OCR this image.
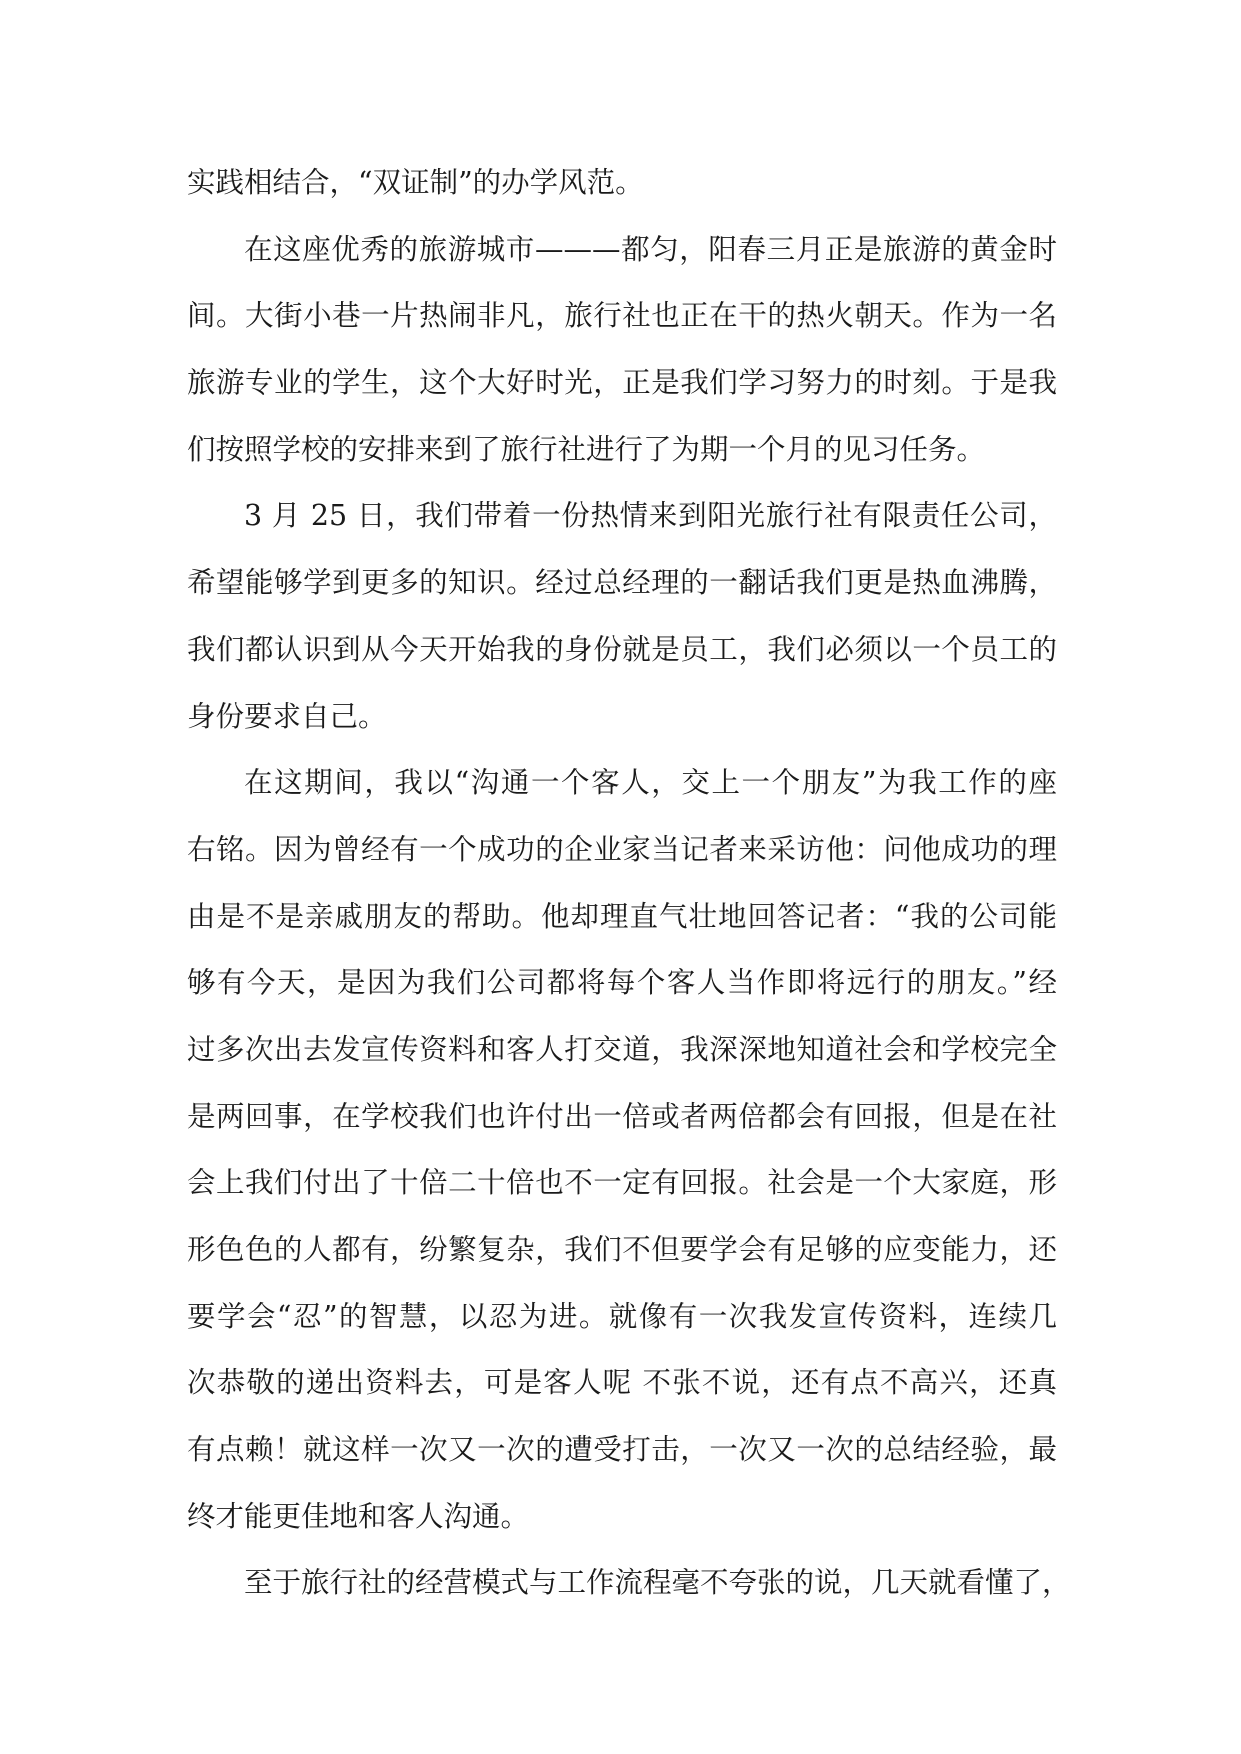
实践相结合，“双证制”的办学风范。
在这座优秀的旅游城市———都匀，阳春三月正是旅游的黄金时
间。大街小巷一片热闹非凡，旅行社也正在干的热火朝天。作为一名
旅游专业的学生，这个大好时光，正是我们学习努力的时刻。于是我
们按照学校的安排来到了旅行社进行了为期一个月的见习任务。
3 月 25 日，我们带着一份热情来到阳光旅行社有限责任公司，
希望能够学到更多的知识。经过总经理的一翻话我们更是热血沸腾，
我们都认识到从今天开始我的身份就是员工，我们必须以一个员工的
身份要求自己。
在这期间，我以“沟通一个客人，交上一个朋友”为我工作的座
右铭。因为曾经有一个成功的企业家当记者来采访他：问他成功的理
由是不是亲戚朋友的帮助。他却理直气壮地回答记者：“我的公司能
够有今天，是因为我们公司都将每个客人当作即将远行的朋友。”经
过多次出去发宣传资料和客人打交道，我深深地知道社会和学校完全
是两回事，在学校我们也许付出一倍或者两倍都会有回报，但是在社
会上我们付出了十倍二十倍也不一定有回报。社会是一个大家庭，形
形色色的人都有，纷繁复杂，我们不但要学会有足够的应变能力，还
要学会“忍”的智慧，以忍为进。就像有一次我发宣传资料，连续几
次恭敬的递出资料去，可是客人呢 不张不说，还有点不高兴，还真
有点赖！就这样一次又一次的遭受打击，一次又一次的总结经验，最
终才能更佳地和客人沟通。
至于旅行社的经营模式与工作流程毫不夸张的说，几天就看懂了，
